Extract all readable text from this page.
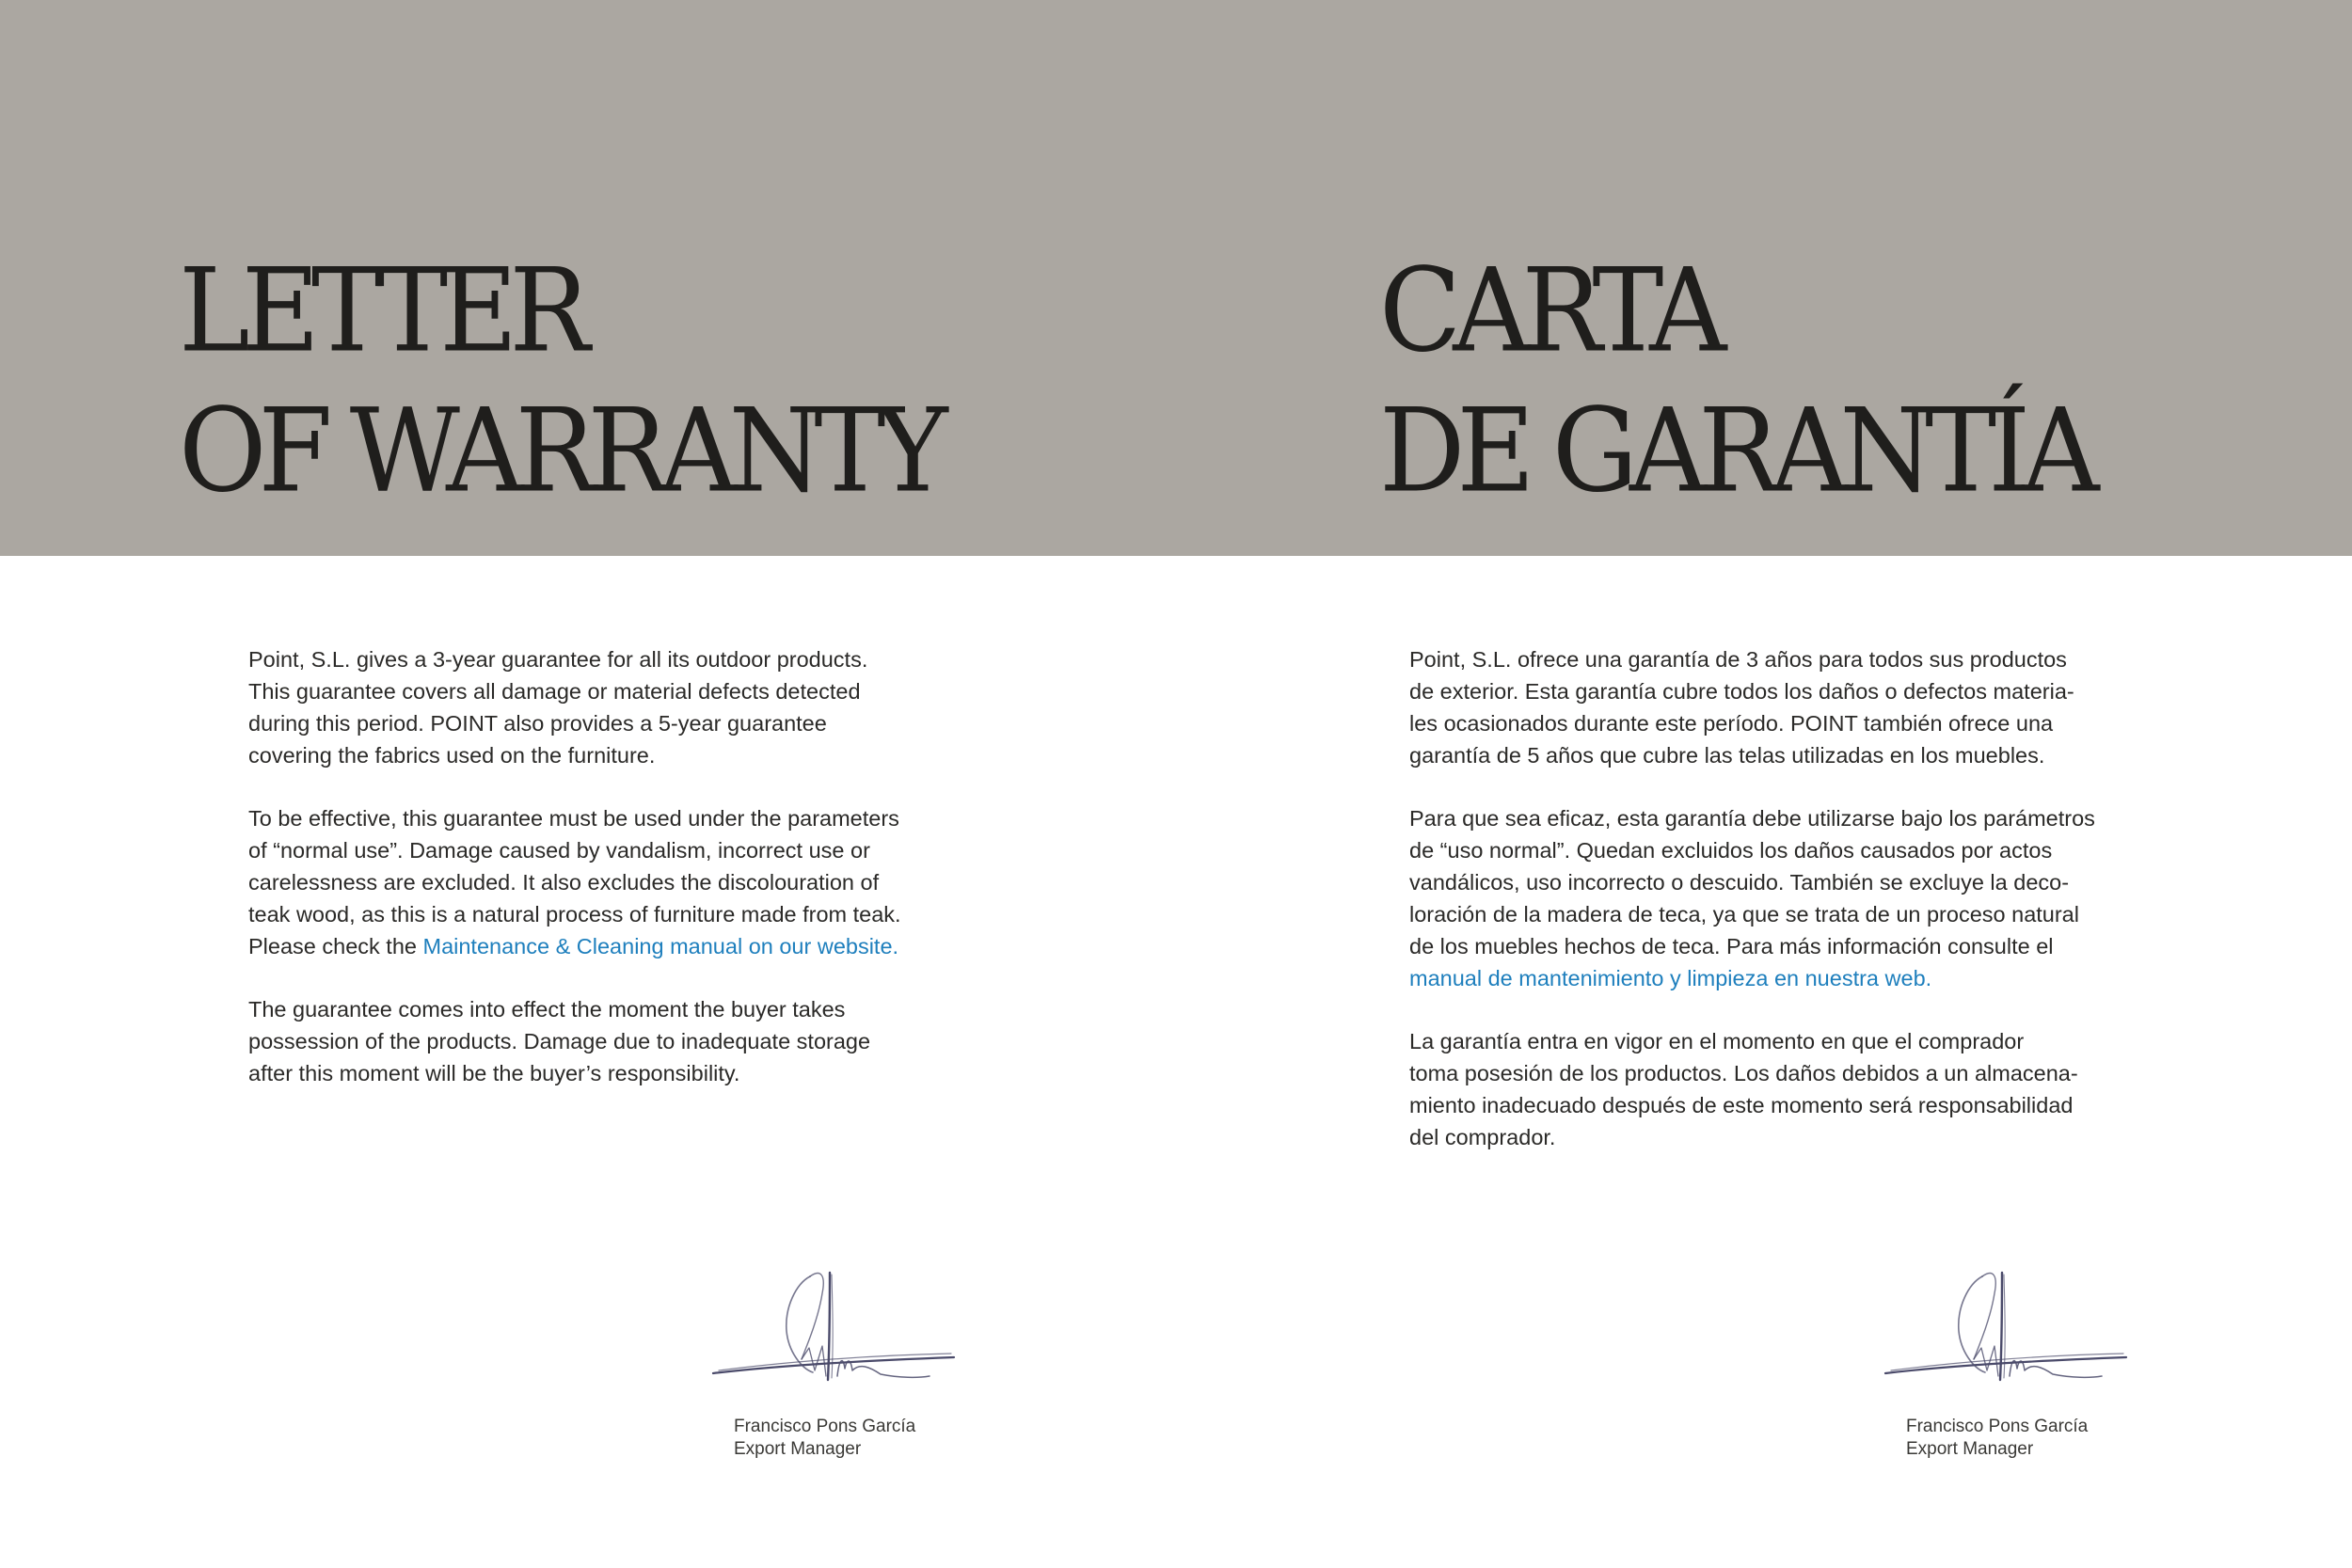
LETTER
OF WARRANTY
CARTA
DE GARANTÍA

Point, S.L. gives a 3-year guarantee for all its outdoor products.
This guarantee covers all damage or material defects detected
during this period. POINT also provides a 5-year guarantee
covering the fabrics used on the furniture.

To be effective, this guarantee must be used under the parameters
of “normal use”. Damage caused by vandalism, incorrect use or
carelessness are excluded. It also excludes the discolouration of
teak wood, as this is a natural process of furniture made from teak.
Please check the Maintenance & Cleaning manual on our website.

The guarantee comes into effect the moment the buyer takes
possession of the products. Damage due to inadequate storage
after this moment will be the buyer’s responsibility.

Point, S.L. ofrece una garantía de 3 años para todos sus productos
de exterior. Esta garantía cubre todos los daños o defectos materia-
les ocasionados durante este período. POINT también ofrece una
garantía de 5 años que cubre las telas utilizadas en los muebles.

Para que sea eficaz, esta garantía debe utilizarse bajo los parámetros
de “uso normal”. Quedan excluidos los daños causados por actos
vandálicos, uso incorrecto o descuido. También se excluye la deco-
loración de la madera de teca, ya que se trata de un proceso natural
de los muebles hechos de teca. Para más información consulte el
manual de mantenimiento y limpieza en nuestra web.

La garantía entra en vigor en el momento en que el comprador
toma posesión de los productos. Los daños debidos a un almacena-
miento inadecuado después de este momento será responsabilidad
del comprador.

Francisco Pons García
Export Manager
Francisco Pons García
Export Manager
